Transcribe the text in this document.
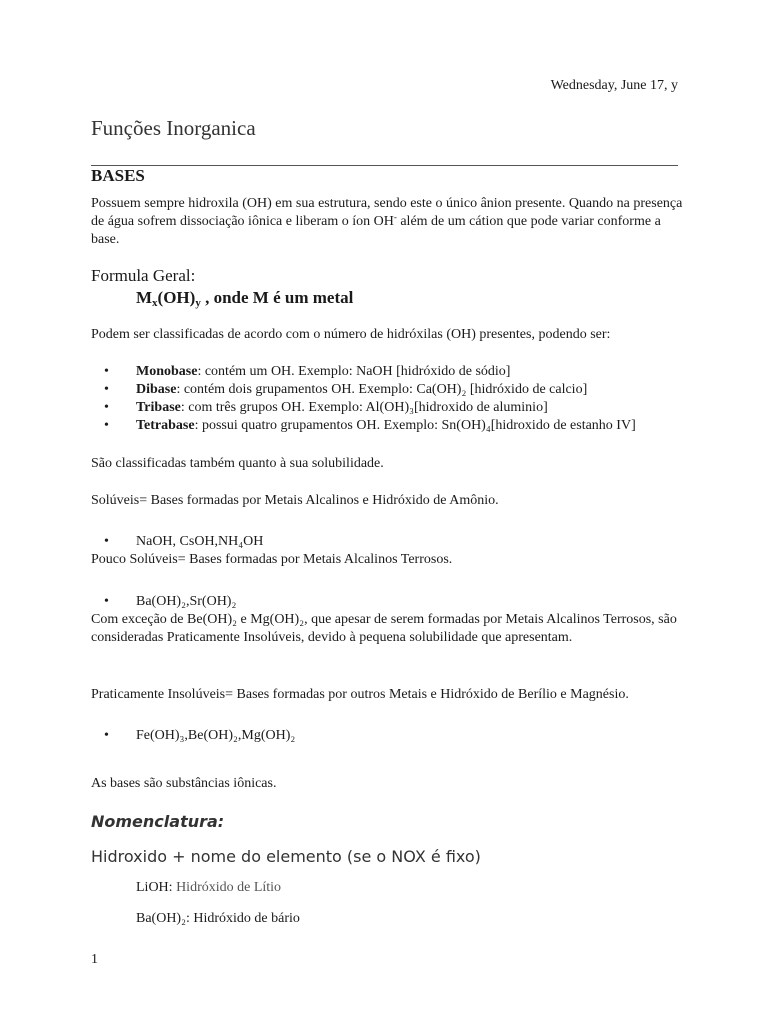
Wednesday, June 17, y
Funções Inorganica
BASES
Possuem sempre hidroxila (OH) em sua estrutura, sendo este o único ânion presente. Quando na presença de água sofrem dissociação iônica e liberam o íon OH- além de um cátion que pode variar conforme a base.
Formula Geral:
$M_x(OH)_y$ , onde M é um metal
Podem ser classificadas de acordo com o número de hidróxilas (OH) presentes, podendo ser:
• Monobase: contém um OH. Exemplo: NaOH [hidróxido de sódio]
• Dibase: contém dois grupamentos OH. Exemplo: Ca(OH)₂ [hidróxido de calcio]
• Tribase: com três grupos OH. Exemplo: Al(OH)₃[hidroxido de aluminio]
• Tetrabase: possui quatro grupamentos OH. Exemplo: Sn(OH)₄[hidroxido de estanho IV]
São classificadas também quanto à sua solubilidade.
Solúveis= Bases formadas por Metais Alcalinos e Hidróxido de Amônio.
• NaOH, CsOH,NH₄OH
Pouco Solúveis= Bases formadas por Metais Alcalinos Terrosos.
• Ba(OH)₂,Sr(OH)₂
Com exceção de Be(OH)₂ e Mg(OH)₂, que apesar de serem formadas por Metais Alcalinos Terrosos, são consideradas Praticamente Insolúveis, devido à pequena solubilidade que apresentam.
Praticamente Insolúveis= Bases formadas por outros Metais e Hidróxido de Berílio e Magnésio.
• Fe(OH)₃,Be(OH)₂,Mg(OH)₂
As bases são substâncias iônicas.
Nomenclatura:
Hidroxido + nome do elemento (se o NOX é fixo)
LiOH: Hidróxido de Lítio
Ba(OH)₂: Hidróxido de bário
1
